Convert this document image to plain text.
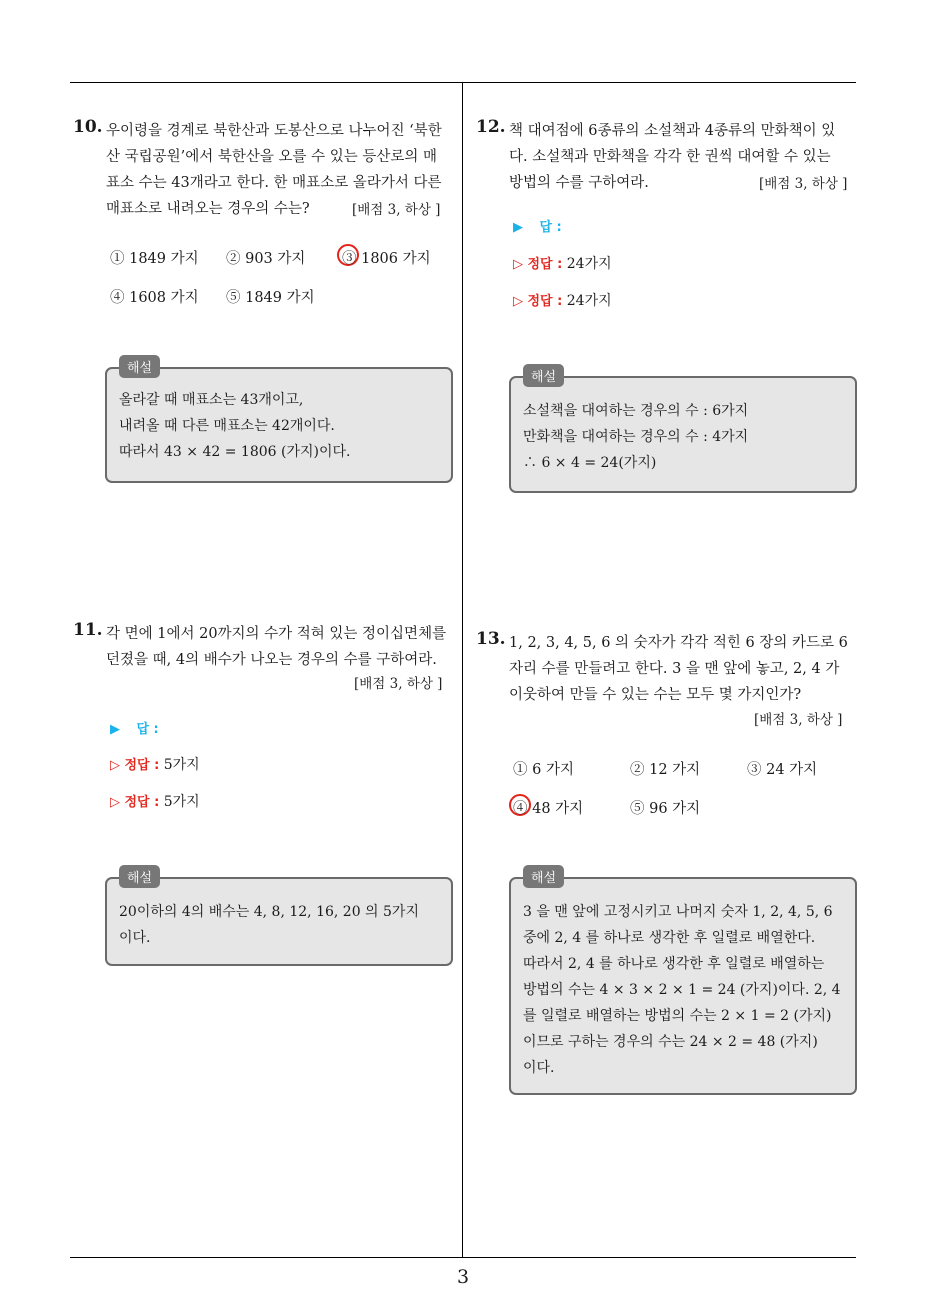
3
10. 우이령을 경계로 북한산과 도봉산으로 나누어진 ‘북한
산 국립공원’에서 북한산을 오를 수 있는 등산로의 매
표소 수는 43개라고 한다. 한 매표소로 올라가서 다른
매표소로 내려오는 경우의 수는?	[배점 3, 하상 ]
① 1849 가지 ② 903 가지	③ 1806 가지
④ 1608 가지 ⑤ 1849 가지
해설
올라갈 때 매표소는 43개이고,
내려올 때 다른 매표소는 42개이다.
따라서 43 × 42 = 1806 (가지)이다.
11. 각 면에 1에서 20까지의 수가 적혀 있는 정이십면체를
던졌을 때, 4의 배수가 나오는 경우의 수를 구하여라.
[배점 3, 하상 ]
▶ 답 :
▷ 정답 : 5가지
▷ 정답 : 5가지
해설
20이하의 4의 배수는 4, 8, 12, 16, 20 의 5가지
이다.
12. 책 대여점에 6종류의 소설책과 4종류의 만화책이 있
다. 소설책과 만화책을 각각 한 권씩 대여할 수 있는
방법의 수를 구하여라.	[배점 3, 하상 ]
▶ 답 :
▷ 정답 : 24가지
▷ 정답 : 24가지
해설
소설책을 대여하는 경우의 수 : 6가지
만화책을 대여하는 경우의 수 : 4가지
∴ 6 × 4 = 24(가지)
13. 1, 2, 3, 4, 5, 6 의 숫자가 각각 적힌 6 장의 카드로 6
자리 수를 만들려고 한다. 3 을 맨 앞에 놓고, 2, 4 가
이웃하여 만들 수 있는 수는 모두 몇 가지인가?
[배점 3, 하상 ]
① 6 가지	② 12 가지	③ 24 가지
④ 48 가지	⑤ 96 가지
해설
3 을 맨 앞에 고정시키고 나머지 숫자 1, 2, 4, 5, 6
중에 2, 4 를 하나로 생각한 후 일렬로 배열한다.
따라서 2, 4 를 하나로 생각한 후 일렬로 배열하는
방법의 수는 4 × 3 × 2 × 1 = 24 (가지)이다. 2, 4
를 일렬로 배열하는 방법의 수는 2 × 1 = 2 (가지)
이므로 구하는 경우의 수는 24 × 2 = 48 (가지)
이다.
